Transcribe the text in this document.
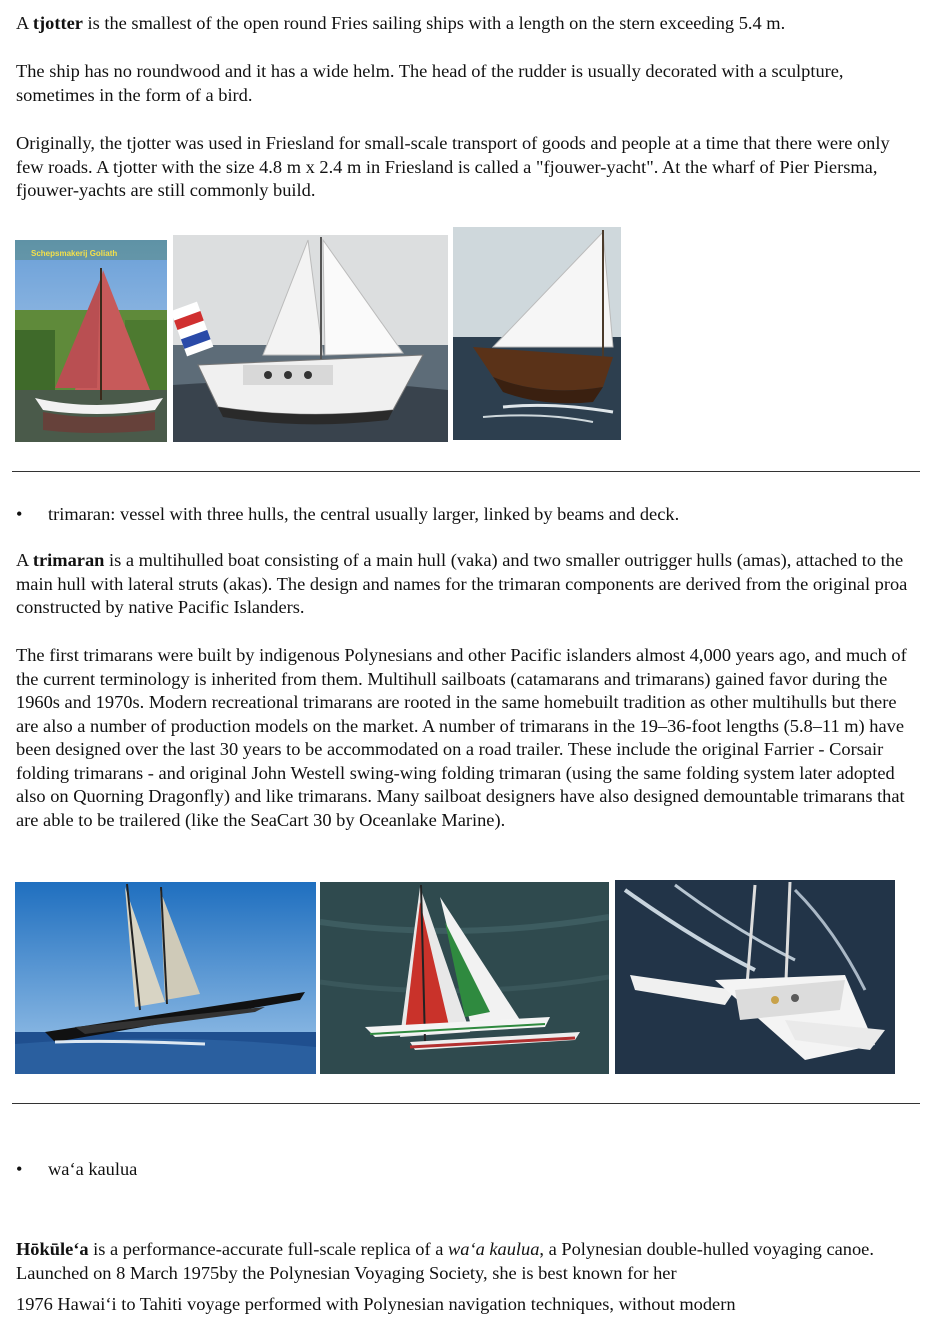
A tjotter is the smallest of the open round Fries sailing ships with a length on the stern exceeding 5.4 m.

The ship has no roundwood and it has a wide helm. The head of the rudder is usually decorated with a sculpture, sometimes in the form of a bird.

Originally, the tjotter was used in Friesland for small-scale transport of goods and people at a time that there were only few roads. A tjotter with the size 4.8 m x 2.4 m in Friesland is called a "fjouwer-yacht". At the wharf of Pier Piersma, fjouwer-yachts are still commonly build.

Schepsmakerij Goliath
•	trimaran: vessel with three hulls, the central usually larger, linked by beams and deck.

A trimaran is a multihulled boat consisting of a main hull (vaka) and two smaller outrigger hulls (amas), attached to the main hull with lateral struts (akas). The design and names for the trimaran components are derived from the original proa constructed by native Pacific Islanders.

The first trimarans were built by indigenous Polynesians and other Pacific islanders almost 4,000 years ago, and much of the current terminology is inherited from them. Multihull sailboats (catamarans and trimarans) gained favor during the 1960s and 1970s. Modern recreational trimarans are rooted in the same homebuilt tradition as other multihulls but there are also a number of production models on the market. A number of trimarans in the 19–36-foot lengths (5.8–11 m) have been designed over the last 30 years to be accommodated on a road trailer. These include the original Farrier - Corsair folding trimarans - and original John Westell swing-wing folding trimaran (using the same folding system later adopted also on Quorning Dragonfly) and like trimarans. Many sailboat designers have also designed demountable trimarans that are able to be trailered (like the SeaCart 30 by Oceanlake Marine).

•	wa‘a kaulua

Hōkūleʻa is a performance-accurate full-scale replica of a waʻa kaulua, a Polynesian double-hulled voyaging canoe. Launched on 8 March 1975by the Polynesian Voyaging Society, she is best known for her

1976 Hawaiʻi to Tahiti voyage performed with Polynesian navigation techniques, without modern
